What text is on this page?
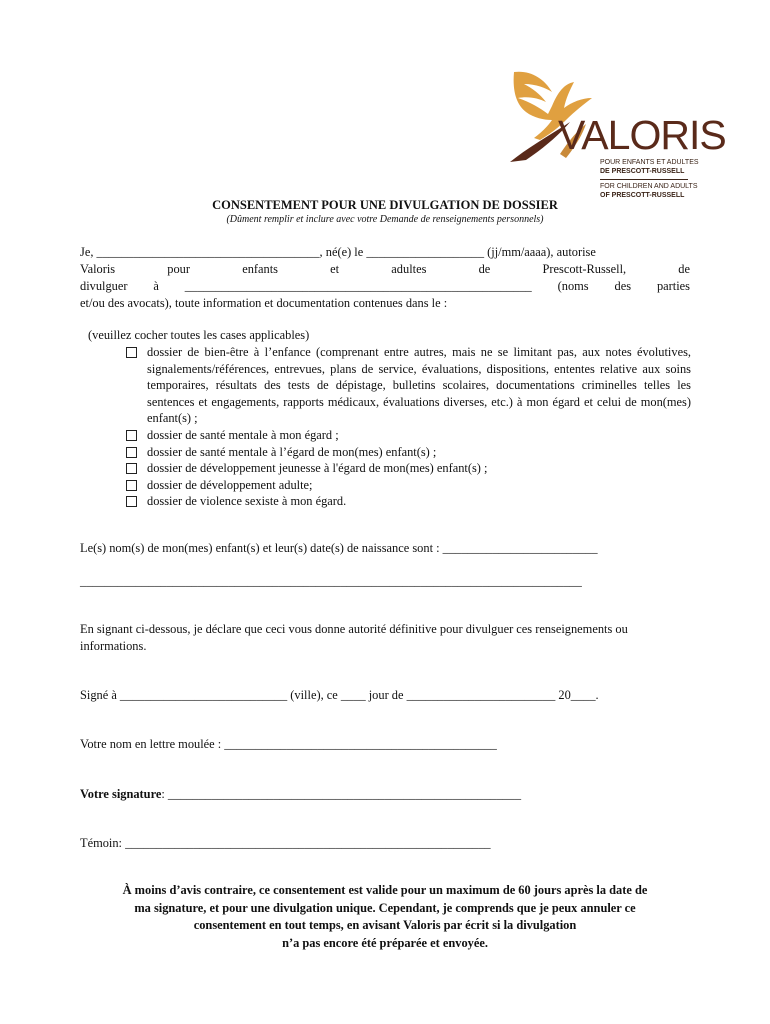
VALORIS
POUR ENFANTS ET ADULTES
DE PRESCOTT-RUSSELL
FOR CHILDREN AND ADULTS
OF PRESCOTT-RUSSELL
CONSENTEMENT POUR UNE DIVULGATION DE DOSSIER
(Dûment remplir et inclure avec votre Demande de renseignements personnels)
Je, ____________________________________, né(e) le ___________________ (jj/mm/aaaa), autorise
Valoris pour enfants et adultes de Prescott-Russell, de
divulguer à ________________________________________________________ (noms des parties
et/ou des avocats), toute information et documentation contenues dans le :
(veuillez cocher toutes les cases applicables)
dossier de bien-être à l’enfance (comprenant entre autres, mais ne se limitant pas, aux notes évolutives, signalements/références, entrevues, plans de service, évaluations, dispositions, ententes relative aux soins temporaires, résultats des tests de dépistage, bulletins scolaires, documentations criminelles telles les sentences et engagements, rapports médicaux, évaluations diverses, etc.) à mon égard et celui de mon(mes) enfant(s) ;
dossier de santé mentale à mon égard ;
dossier de santé mentale à l’égard de mon(mes) enfant(s) ;
dossier de développement jeunesse à l'égard de mon(mes) enfant(s) ;
dossier de développement adulte;
dossier de violence sexiste à mon égard.
Le(s) nom(s) de mon(mes) enfant(s) et leur(s) date(s) de naissance sont : _________________________
_________________________________________________________________________________
En signant ci-dessous, je déclare que ceci vous donne autorité définitive pour divulguer ces renseignements ou informations.
Signé à ___________________________ (ville), ce ____ jour de ________________________ 20____.
Votre nom en lettre moulée : ____________________________________________
Votre signature: _________________________________________________________
Témoin: ___________________________________________________________
À moins d’avis contraire, ce consentement est valide pour un maximum de 60 jours après la date de
ma signature, et pour une divulgation unique. Cependant, je comprends que je peux annuler ce
consentement en tout temps, en avisant Valoris par écrit si la divulgation
n’a pas encore été préparée et envoyée.
